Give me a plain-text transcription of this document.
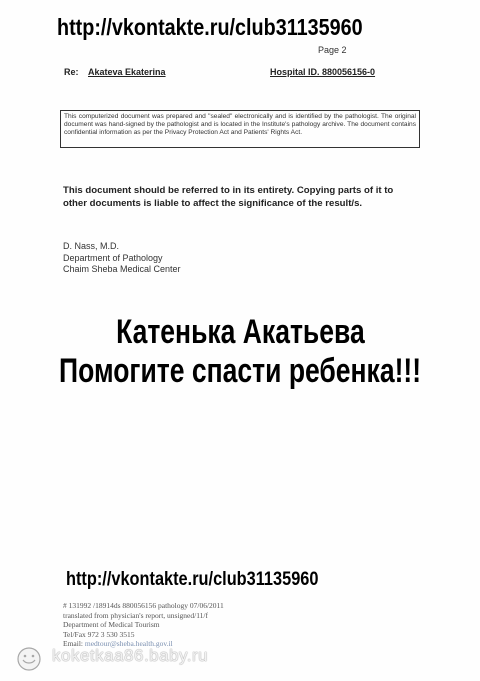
http://vkontakte.ru/club31135960
Page 2
Re: Akateva Ekaterina	Hospital ID. 880056156-0
This computerized document was prepared and "sealed" electronically and is identified by the pathologist. The original document was hand-signed by the pathologist and is located in the Institute's pathology archive. The document contains confidential information as per the Privacy Protection Act and Patients' Rights Act.
This document should be referred to in its entirety. Copying parts of it to other documents is liable to affect the significance of the result/s.
D. Nass, M.D.
Department of Pathology
Chaim Sheba Medical Center
Катенька Акатьева
Помогите спасти ребенка!!!
http://vkontakte.ru/club31135960
# 131992 /18914ds 880056156 pathology 07/06/2011
translated from physician's report, unsigned/11/f
Department of Medical Tourism
Tel/Fax 972 3 530 3515
Email: medtour@sheba.health.gov.il
koketkaa86.baby.ru
